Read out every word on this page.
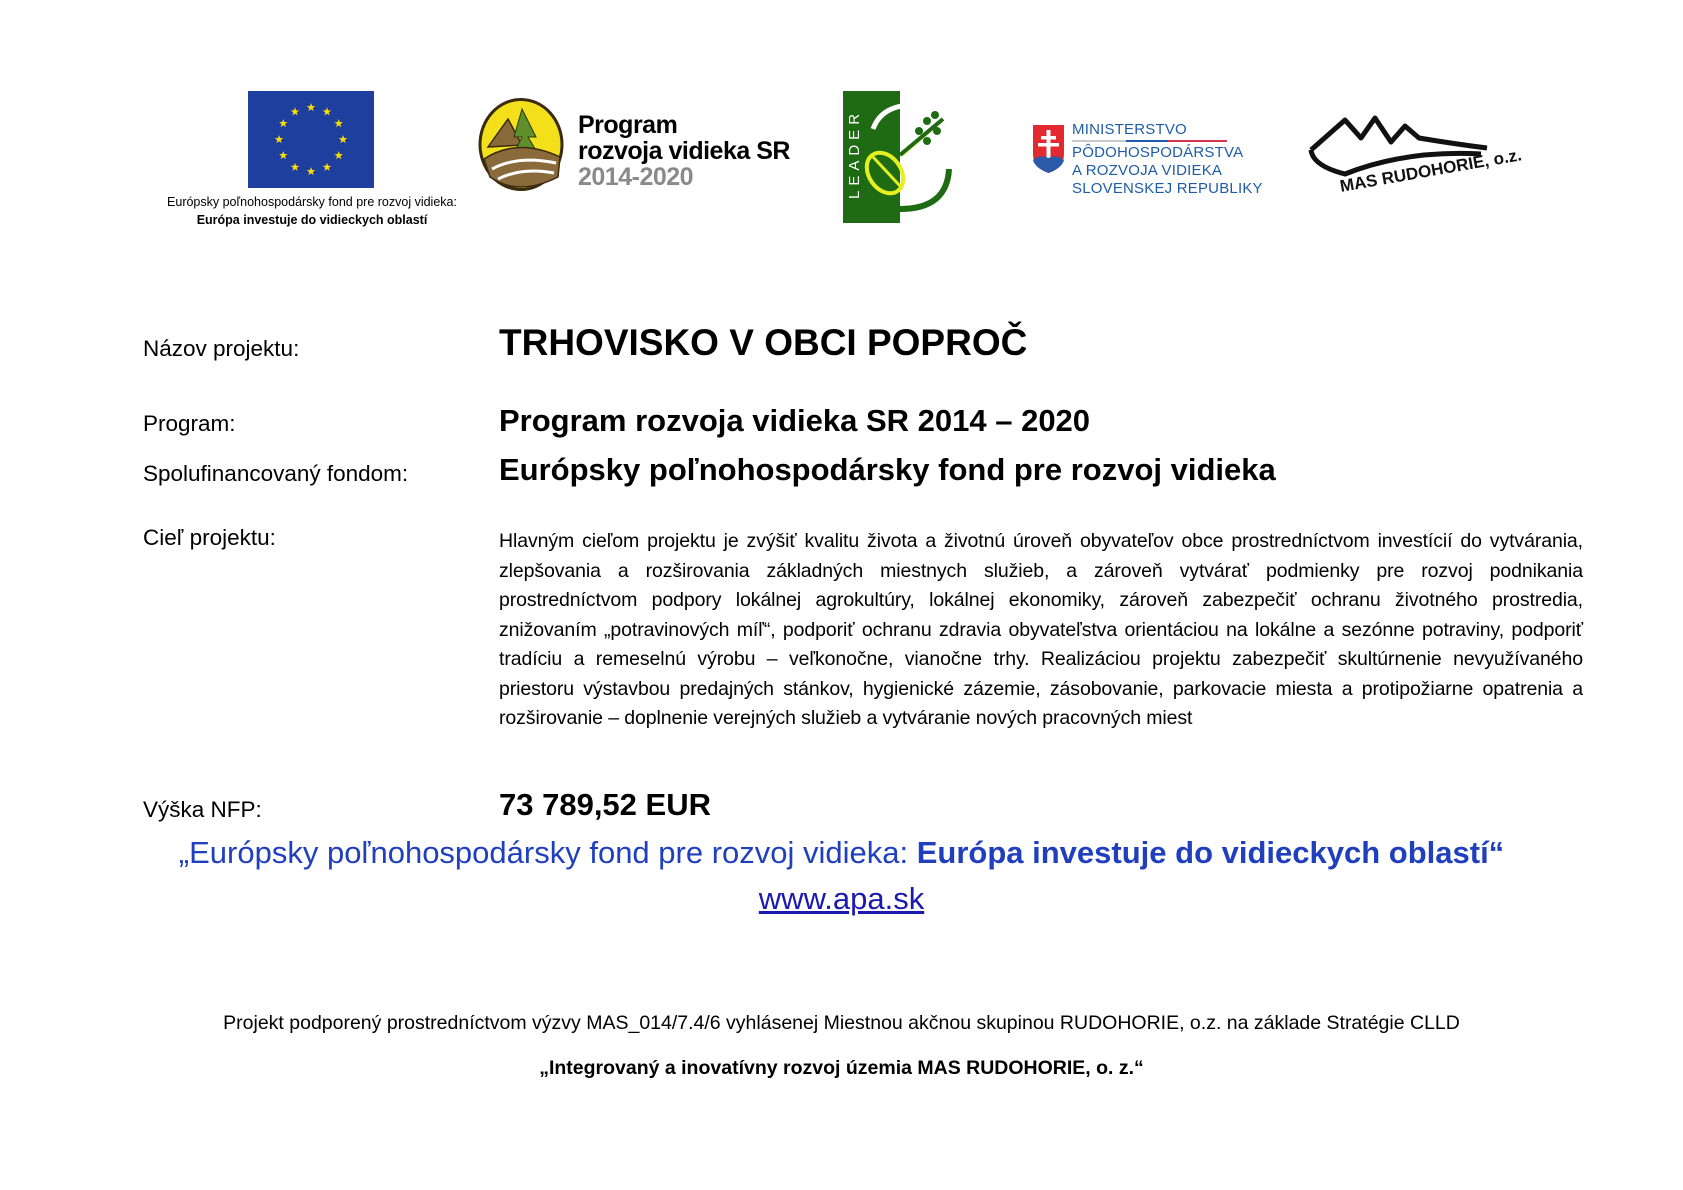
Európsky poľnohospodársky fond pre rozvoj vidieka:
Európa investuje do vidieckych oblastí
Program
rozvoja vidieka SR
2014-2020	LEADER	MINISTERSTVO
PÔDOHOSPODÁRSTVA
A ROZVOJA VIDIEKA
SLOVENSKEJ REPUBLIKY	MAS RUDOHORIE, o.z.
Názov projektu:	TRHOVISKO V OBCI POPROČ
Program:	Program rozvoja vidieka SR 2014 – 2020
Spolufinancovaný fondom:	Európsky poľnohospodársky fond pre rozvoj vidieka
Cieľ projektu:	Hlavným cieľom projektu je zvýšiť kvalitu života a životnú úroveň obyvateľov obce prostredníctvom investícií do vytvárania, zlepšovania a rozširovania základných miestnych služieb, a zároveň vytvárať podmienky pre rozvoj podnikania prostredníctvom podpory lokálnej agrokultúry, lokálnej ekonomiky, zároveň zabezpečiť ochranu životného prostredia, znižovaním „potravinových míľ“, podporiť ochranu zdravia obyvateľstva orientáciou na lokálne a sezónne potraviny, podporiť tradíciu a remeselnú výrobu – veľkonočne, vianočne trhy. Realizáciou projektu zabezpečiť skultúrnenie nevyužívaného priestoru výstavbou predajných stánkov, hygienické zázemie, zásobovanie, parkovacie miesta a protipožiarne opatrenia a rozširovanie – doplnenie verejných služieb a vytváranie nových pracovných miest
Výška NFP:	73 789,52 EUR
„Európsky poľnohospodársky fond pre rozvoj vidieka: Európa investuje do vidieckych oblastí“
www.apa.sk
Projekt podporený prostredníctvom výzvy MAS_014/7.4/6 vyhlásenej Miestnou akčnou skupinou RUDOHORIE, o.z. na základe Stratégie CLLD
„Integrovaný a inovatívny rozvoj územia MAS RUDOHORIE, o. z.“
